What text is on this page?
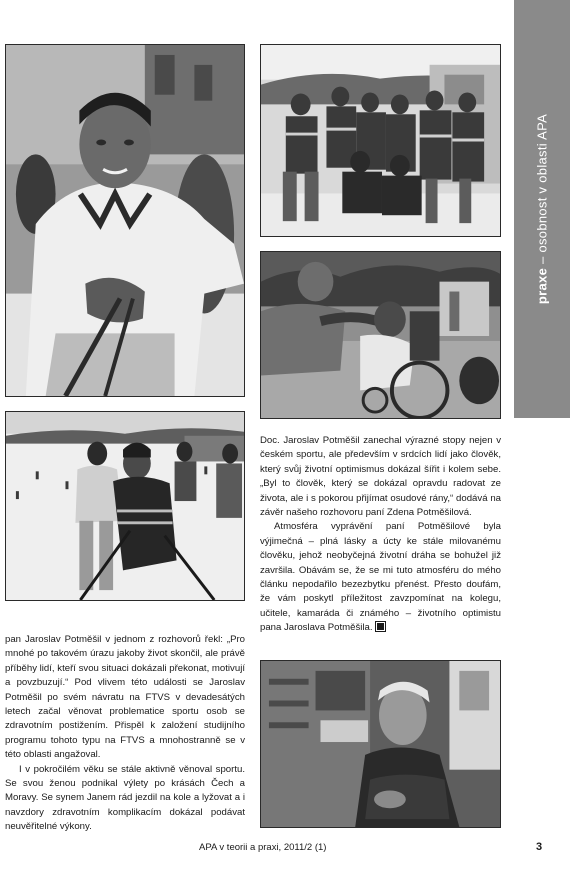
praxe – osobnost v oblasti APA

Doc. Jaroslav Potměšil zanechal výrazné stopy nejen v českém sportu, ale především v srdcích lidí jako člověk, který svůj životní optimismus dokázal šířit i kolem sebe. „Byl to člověk, který se dokázal opravdu radovat ze života, ale i s pokorou přijímat osudové rány,“ dodává na závěr našeho rozhovoru paní Zdena Potměšilová.

Atmosféra vyprávění paní Potměšilové byla výjimečná – plná lásky a úcty ke stále milovanému člověku, jehož neobyčejná životní dráha se bohužel již završila. Obávám se, že se mi tuto atmosféru do mého článku nepodařilo bezezbytku přenést. Přesto doufám, že vám poskytl příležitost zavzpomínat na kolegu, učitele, kamaráda či známého – životního optimistu pana Jaroslava Potměšila.

pan Jaroslav Potměšil v jednom z rozhovorů řekl: „Pro mnohé po takovém úrazu jakoby život skončil, ale právě příběhy lidí, kteří svou situaci dokázali překonat, motivují a povzbuzují.“ Pod vlivem této události se Jaroslav Potměšil po svém návratu na FTVS v devadesátých letech začal věnovat problematice sportu osob se zdravotním postižením. Přispěl k založení studijního programu tohoto typu na FTVS a mnohostranně se v této oblasti angažoval.

I v pokročilém věku se stále aktivně věnoval sportu. Se svou ženou podnikal výlety po krásách Čech a Moravy. Se synem Janem rád jezdil na kole a lyžovat a i navzdory zdravotním komplikacím dokázal podávat neuvěřitelné výkony.

APA v teorii a praxi, 2011/2 (1)	3
